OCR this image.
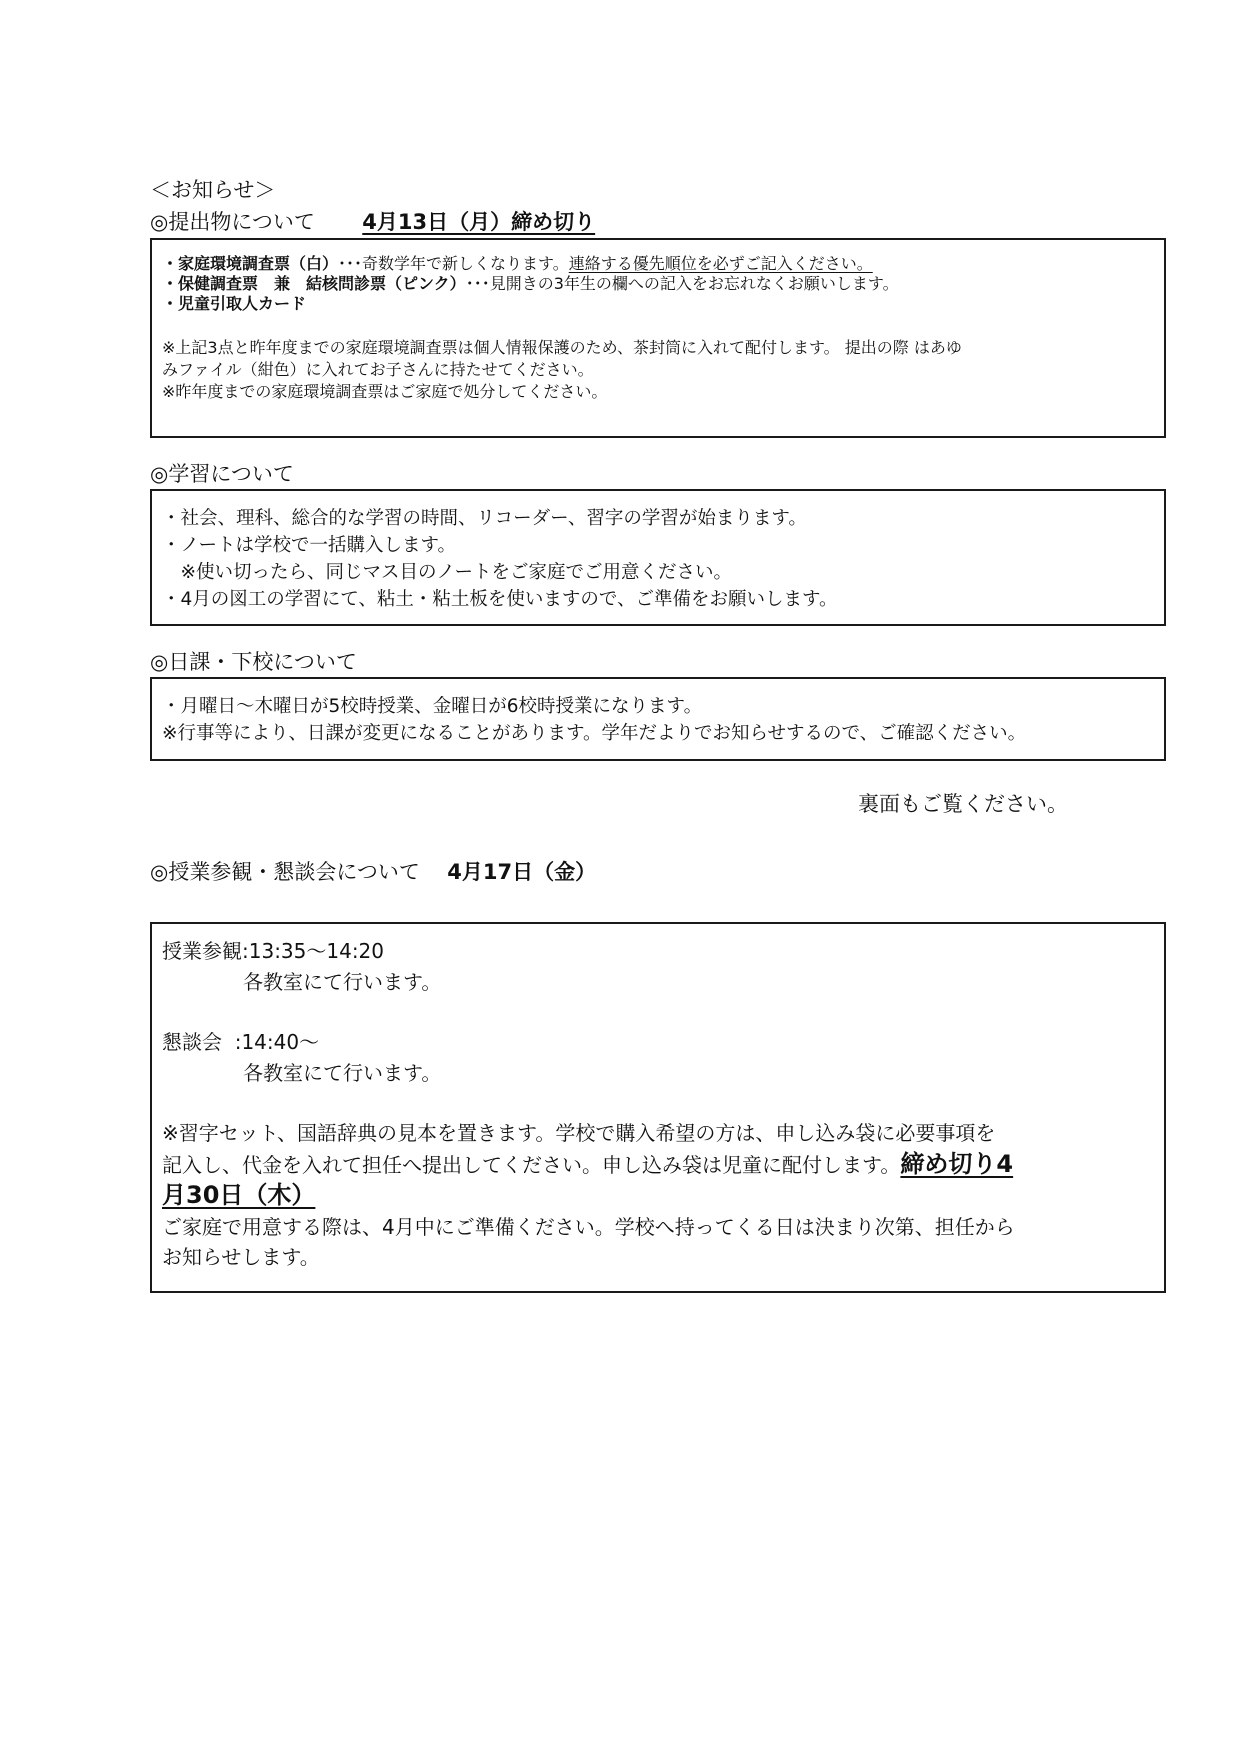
＜お知らせ＞
◎提出物について 4月13日（月）締め切り
・家庭環境調査票（白）･･･奇数学年で新しくなります。連絡する優先順位を必ずご記入ください。
・保健調査票　兼　結核問診票（ピンク）･･･見開きの3年生の欄への記入をお忘れなくお願いします。
・児童引取人カード
※上記3点と昨年度までの家庭環境調査票は個人情報保護のため、茶封筒に入れて配付します。 提出の際 はあゆ
みファイル（紺色）に入れてお子さんに持たせてください。
※昨年度までの家庭環境調査票はご家庭で処分してください。
◎学習について
・社会、理科、総合的な学習の時間、リコーダー、習字の学習が始まります。
・ノートは学校で一括購入します。
　※使い切ったら、同じマス目のノートをご家庭でご用意ください。
・4月の図工の学習にて、粘土・粘土板を使いますので、ご準備をお願いします。
◎日課・下校について
・月曜日～木曜日が5校時授業、金曜日が6校時授業になります。
※行事等により、日課が変更になることがあります。学年だよりでお知らせするので、ご確認ください。
裏面もご覧ください。
◎授業参観・懇談会について 4月17日（金）
授業参観:13:35～14:20
各教室にて行います。
懇談会  :14:40～
各教室にて行います。
※習字セット、国語辞典の見本を置きます。学校で購入希望の方は、申し込み袋に必要事項を
記入し、代金を入れて担任へ提出してください。申し込み袋は児童に配付します。締め切り4
月30日（木）
ご家庭で用意する際は、4月中にご準備ください。学校へ持ってくる日は決まり次第、担任から
お知らせします。
